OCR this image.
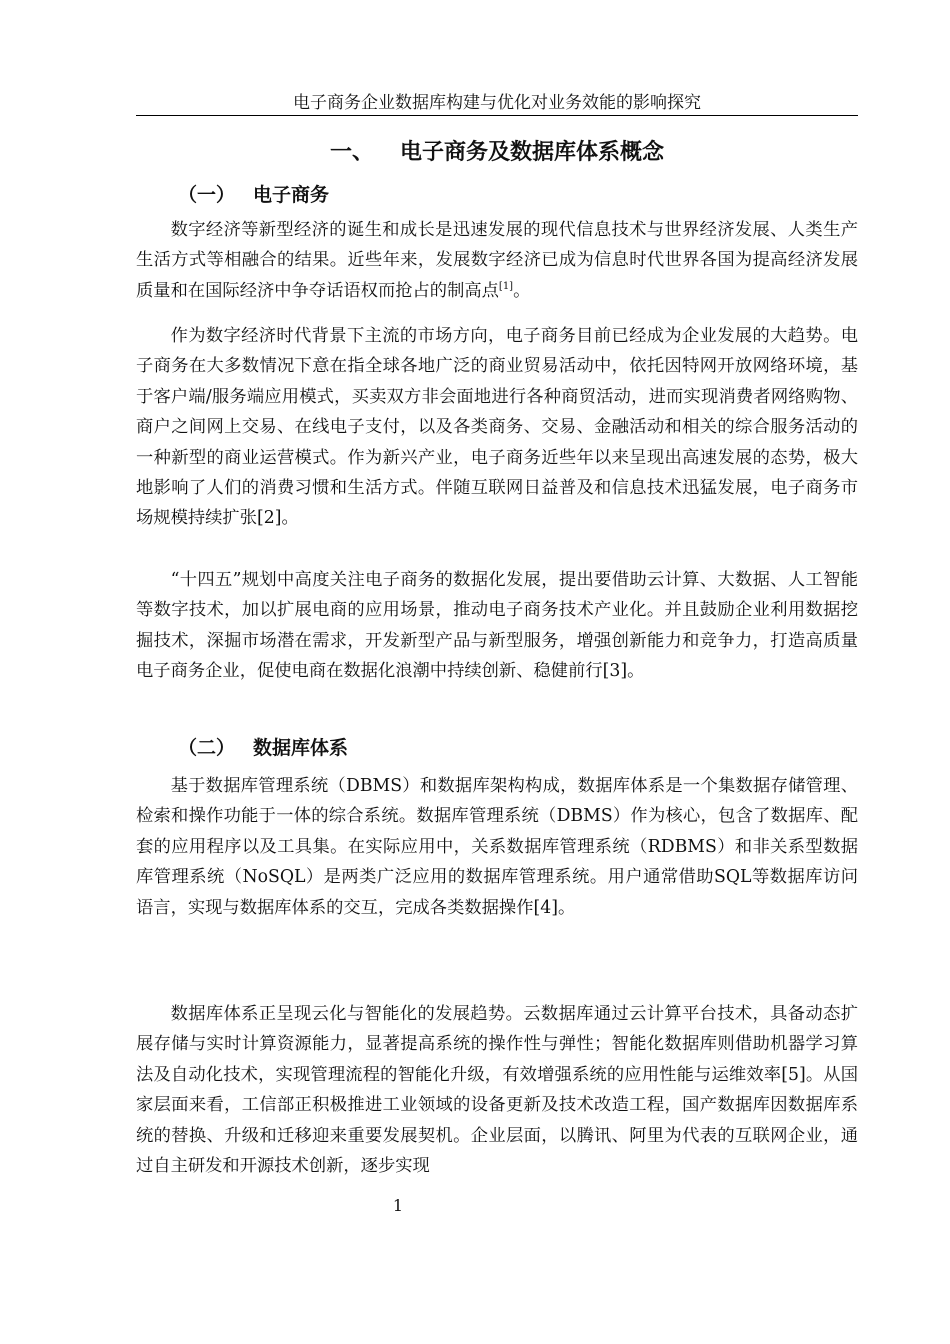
电子商务企业数据库构建与优化对业务效能的影响探究
一、 电子商务及数据库体系概念
（一） 电子商务

数字经济等新型经济的诞生和成长是迅速发展的现代信息技术与世界经济发展、人类生产生活方式等相融合的结果。近些年来，发展数字经济已成为信息时代世界各国为提高经济发展质量和在国际经济中争夺话语权而抢占的制高点[1]。

作为数字经济时代背景下主流的市场方向，电子商务目前已经成为企业发展的大趋势。电子商务在大多数情况下意在指全球各地广泛的商业贸易活动中，依托因特网开放网络环境，基于客户端/服务端应用模式，买卖双方非会面地进行各种商贸活动，进而实现消费者网络购物、商户之间网上交易、在线电子支付，以及各类商务、交易、金融活动和相关的综合服务活动的一种新型的商业运营模式。作为新兴产业，电子商务近些年以来呈现出高速发展的态势，极大地影响了人们的消费习惯和生活方式。伴随互联网日益普及和信息技术迅猛发展，电子商务市场规模持续扩张[2]。

“十四五”规划中高度关注电子商务的数据化发展，提出要借助云计算、大数据、人工智能等数字技术，加以扩展电商的应用场景，推动电子商务技术产业化。并且鼓励企业利用数据挖掘技术，深掘市场潜在需求，开发新型产品与新型服务，增强创新能力和竞争力，打造高质量电子商务企业，促使电商在数据化浪潮中持续创新、稳健前行[3]。

（二） 数据库体系

基于数据库管理系统（DBMS）和数据库架构构成，数据库体系是一个集数据存储管理、检索和操作功能于一体的综合系统。数据库管理系统（DBMS）作为核心，包含了数据库、配套的应用程序以及工具集。在实际应用中，关系数据库管理系统（RDBMS）和非关系型数据库管理系统（NoSQL）是两类广泛应用的数据库管理系统。用户通常借助SQL等数据库访问语言，实现与数据库体系的交互，完成各类数据操作[4]。

数据库体系正呈现云化与智能化的发展趋势。云数据库通过云计算平台技术，具备动态扩展存储与实时计算资源能力，显著提高系统的操作性与弹性；智能化数据库则借助机器学习算法及自动化技术，实现管理流程的智能化升级，有效增强系统的应用性能与运维效率[5]。从国家层面来看，工信部正积极推进工业领域的设备更新及技术改造工程，国产数据库因数据库系统的替换、升级和迁移迎来重要发展契机。企业层面，以腾讯、阿里为代表的互联网企业，通过自主研发和开源技术创新，逐步实现

1
